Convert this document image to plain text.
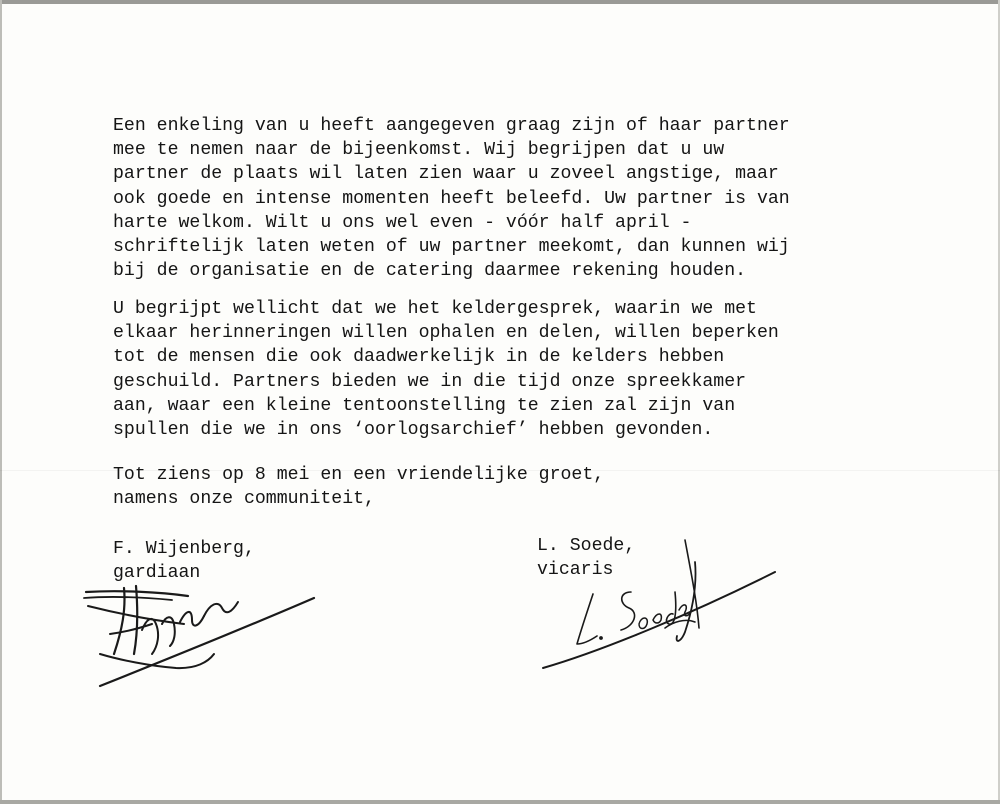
Een enkeling van u heeft aangegeven graag zijn of haar partner
mee te nemen naar de bijeenkomst. Wij begrijpen dat u uw
partner de plaats wil laten zien waar u zoveel angstige, maar
ook goede en intense momenten heeft beleefd. Uw partner is van
harte welkom. Wilt u ons wel even - vóór half april -
schriftelijk laten weten of uw partner meekomt, dan kunnen wij
bij de organisatie en de catering daarmee rekening houden.

U begrijpt wellicht dat we het keldergesprek, waarin we met
elkaar herinneringen willen ophalen en delen, willen beperken
tot de mensen die ook daadwerkelijk in de kelders hebben
geschuild. Partners bieden we in die tijd onze spreekkamer
aan, waar een kleine tentoonstelling te zien zal zijn van
spullen die we in ons ‘oorlogsarchief’ hebben gevonden.

Tot ziens op 8 mei en een vriendelijke groet,
namens onze communiteit,

F. Wijenberg,
gardiaan
L. Soede,
vicaris
